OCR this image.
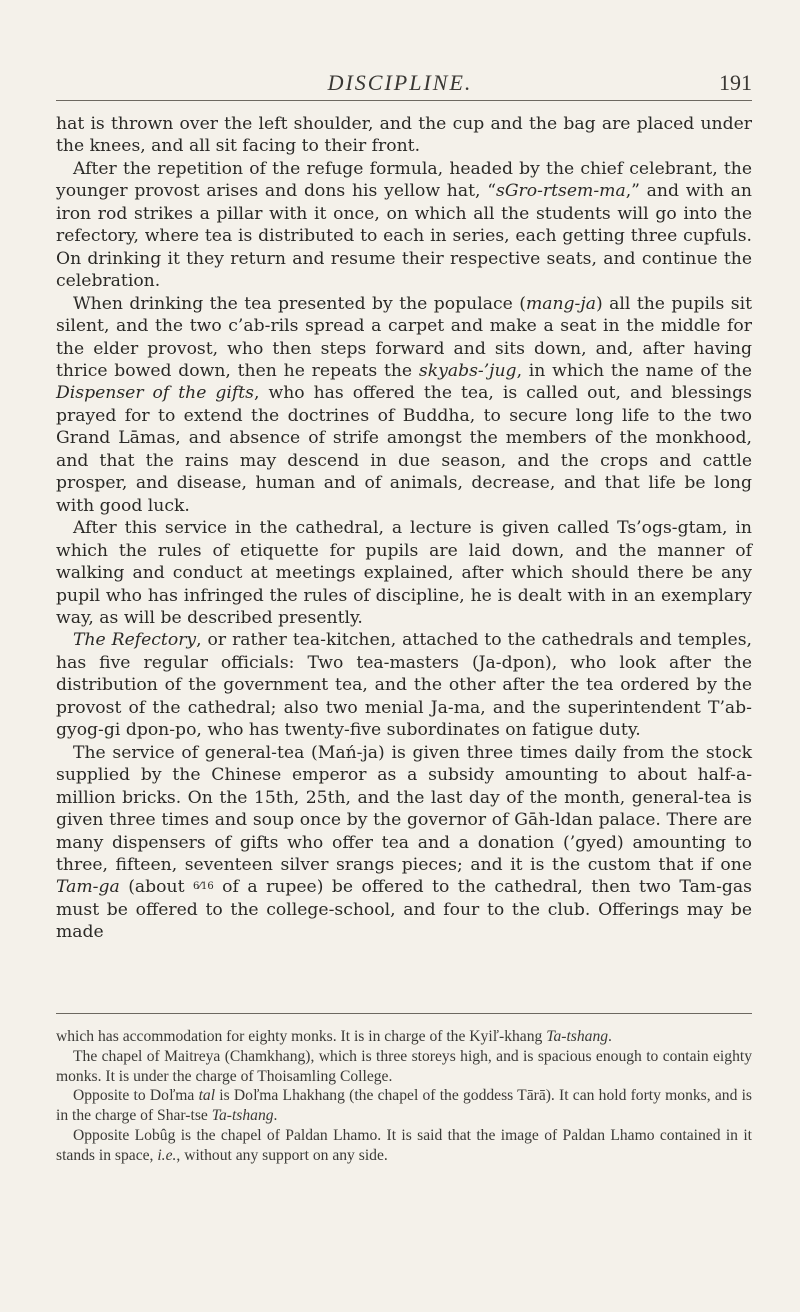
DISCIPLINE.	191

hat is thrown over the left shoulder, and the cup and the bag are placed under the knees, and all sit facing to their front.

After the repetition of the refuge formula, headed by the chief celebrant, the younger provost arises and dons his yellow hat, “sGro-rtsem-ma,” and with an iron rod strikes a pillar with it once, on which all the students will go into the refectory, where tea is distributed to each in series, each getting three cupfuls. On drinking it they return and resume their respective seats, and continue the celebration.

When drinking the tea presented by the populace (mang-ja) all the pupils sit silent, and the two c’ab-rils spread a carpet and make a seat in the middle for the elder provost, who then steps forward and sits down, and, after having thrice bowed down, then he repeats the skyabs-’jug, in which the name of the Dispenser of the gifts, who has offered the tea, is called out, and blessings prayed for to extend the doctrines of Buddha, to secure long life to the two Grand Lāmas, and absence of strife amongst the members of the monkhood, and that the rains may descend in due season, and the crops and cattle prosper, and disease, human and of animals, decrease, and that life be long with good luck.

After this service in the cathedral, a lecture is given called Ts’ogs-gtam, in which the rules of etiquette for pupils are laid down, and the manner of walking and conduct at meetings explained, after which should there be any pupil who has infringed the rules of discipline, he is dealt with in an exemplary way, as will be described presently.

The Refectory, or rather tea-kitchen, attached to the cathedrals and temples, has five regular officials: Two tea-masters (Ja-dpon), who look after the distribution of the government tea, and the other after the tea ordered by the provost of the cathedral; also two menial Ja-ma, and the superintendent T’ab-gyog-gi dpon-po, who has twenty-five subordinates on fatigue duty.

The service of general-tea (Mań-ja) is given three times daily from the stock supplied by the Chinese emperor as a subsidy amounting to about half-a-million bricks. On the 15th, 25th, and the last day of the month, general-tea is given three times and soup once by the governor of Gāh-ldan palace. There are many dispensers of gifts who offer tea and a donation (’gyed) amounting to three, fifteen, seventeen silver srangs pieces; and it is the custom that if one Tam-ga (about 6⁄16 of a rupee) be offered to the cathedral, then two Tam-gas must be offered to the college-school, and four to the club. Offerings may be made

which has accommodation for eighty monks. It is in charge of the Kyiľ-khang Ta-tshang.

The chapel of Maitreya (Chamkhang), which is three storeys high, and is spacious enough to contain eighty monks. It is under the charge of Thoisamling College.

Opposite to Doľma tal is Doľma Lhakhang (the chapel of the goddess Tārā). It can hold forty monks, and is in the charge of Shar-tse Ta-tshang.

Opposite Lobûg is the chapel of Paldan Lhamo. It is said that the image of Paldan Lhamo contained in it stands in space, i.e., without any support on any side.
